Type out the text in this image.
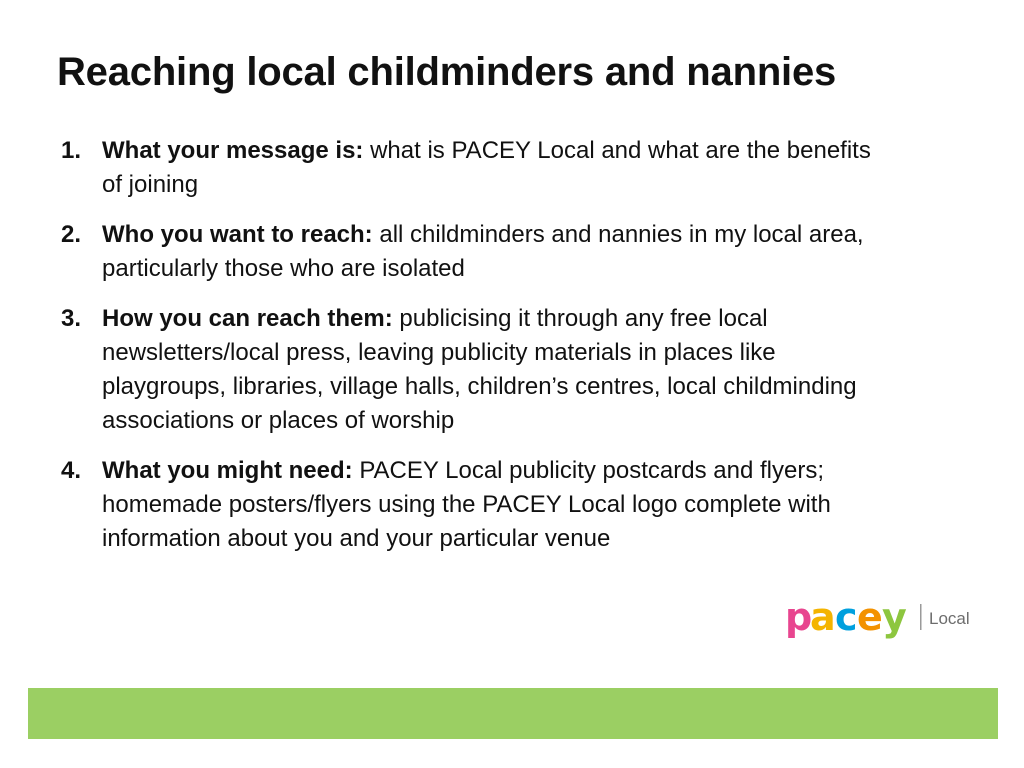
Reaching local childminders and nannies
1. What your message is: what is PACEY Local and what are the benefits of joining
2. Who you want to reach: all childminders and nannies in my local area, particularly those who are isolated
3. How you can reach them: publicising it through any free local newsletters/local press, leaving publicity materials in places like playgroups, libraries, village halls, children’s centres, local childminding associations or places of worship
4. What you might need: PACEY Local publicity postcards and flyers; homemade posters/flyers using the PACEY Local logo complete with information about you and your particular venue
p
a c e y Local
